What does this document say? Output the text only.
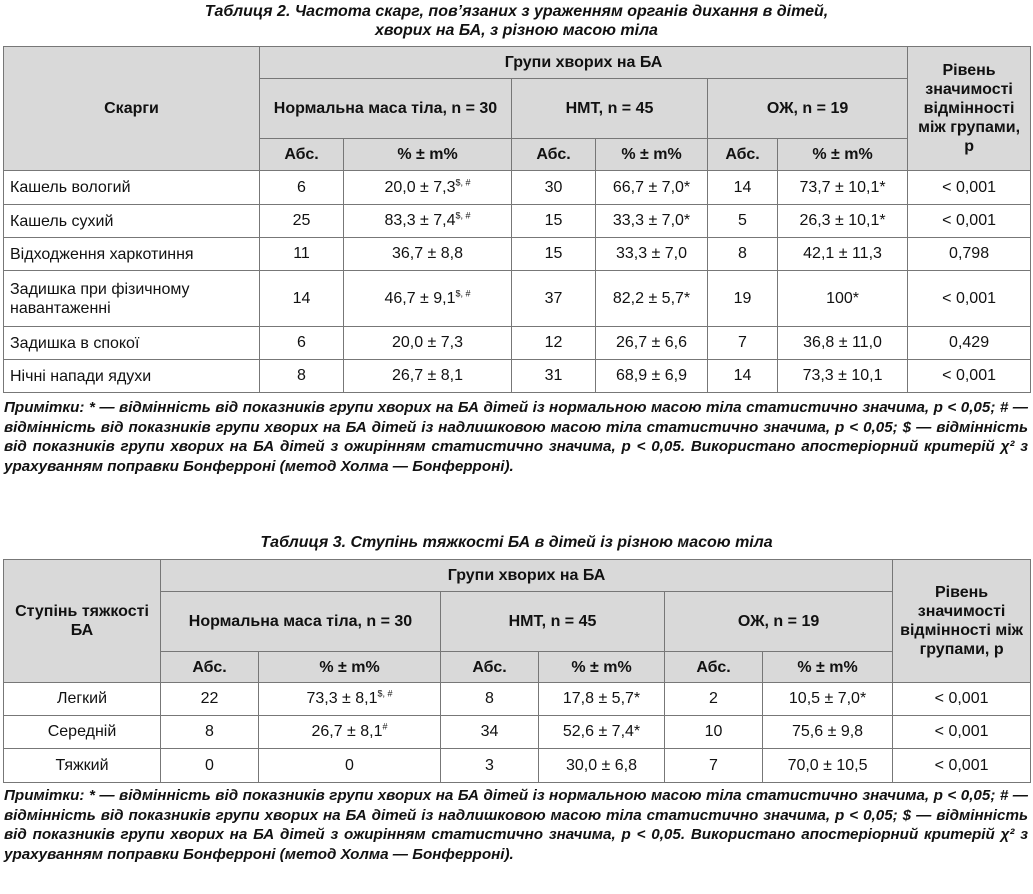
Таблиця 2. Частота скарг, пов’язаних з ураженням органів дихання в дітей,
хворих на БА, з різною масою тіла
Скарги	Групи хворих на БА						Рівень значимості відмінності між групами, p
	Нормальна маса тіла, n = 30		НМТ, n = 45		ОЖ, n = 19		
	Абс.	% ± m%	Абс.	% ± m%	Абс.	% ± m%	
Кашель вологий	6	20,0 ± 7,3$, #	30	66,7 ± 7,0*	14	73,7 ± 10,1*	< 0,001
Кашель сухий	25	83,3 ± 7,4$, #	15	33,3 ± 7,0*	5	26,3 ± 10,1*	< 0,001
Відходження харкотиння	11	36,7 ± 8,8	15	33,3 ± 7,0	8	42,1 ± 11,3	0,798
Задишка при фізичному навантаженні	14	46,7 ± 9,1$, #	37	82,2 ± 5,7*	19	100*	< 0,001
Задишка в спокої	6	20,0 ± 7,3	12	26,7 ± 6,6	7	36,8 ± 11,0	0,429
Нічні напади ядухи	8	26,7 ± 8,1	31	68,9 ± 6,9	14	73,3 ± 10,1	< 0,001
Примітки: * — відмінність від показників групи хворих на БА дітей із нормальною масою тіла статистично значима, p < 0,05; # — відмінність від показників групи хворих на БА дітей із надлишковою масою тіла статистично значима, p < 0,05; $ — відмінність від показників групи хворих на БА дітей з ожирінням статистично значима, p < 0,05. Використано апостеріорний критерій χ² з урахуванням поправки Бонферроні (метод Холма — Бонферроні).
Таблиця 3. Ступінь тяжкості БА в дітей із різною масою тіла
Ступінь тяжкості БА	Групи хворих на БА						Рівень значимості відмінності між групами, p
	Нормальна маса тіла, n = 30		НМТ, n = 45		ОЖ, n = 19		
	Абс.	% ± m%	Абс.	% ± m%	Абс.	% ± m%	
Легкий	22	73,3 ± 8,1$, #	8	17,8 ± 5,7*	2	10,5 ± 7,0*	< 0,001
Середній	8	26,7 ± 8,1#	34	52,6 ± 7,4*	10	75,6 ± 9,8	< 0,001
Тяжкий	0	0	3	30,0 ± 6,8	7	70,0 ± 10,5	< 0,001
Примітки: * — відмінність від показників групи хворих на БА дітей із нормальною масою тіла статистично значима, p < 0,05; # — відмінність від показників групи хворих на БА дітей із надлишковою масою тіла статистично значима, p < 0,05; $ — відмінність від показників групи хворих на БА дітей з ожирінням статистично значима, p < 0,05. Використано апостеріорний критерій χ² з урахуванням поправки Бонферроні (метод Холма — Бонферроні).
